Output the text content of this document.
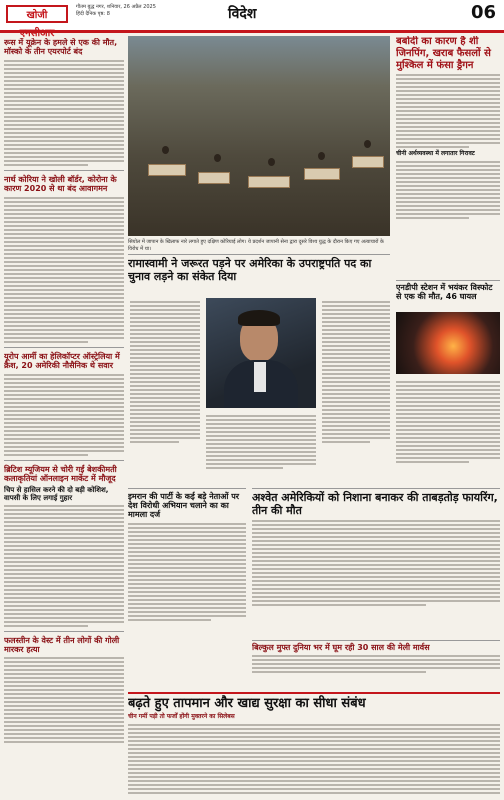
खोजी एनसीआर
गौतम बुद्ध नगर, शनिवार, 26 अप्रैल 2025
हिंदी दैनिक पृष्ठ: 8	विदेश	06
रूस में यूक्रेन के हमले से एक की मौत, मॉस्को के तीन एयरपोर्ट बंद
नार्थ कोरिया ने खोली बॉर्डर, कोरोना के कारण 2020 से था बंद आवागमन
यूरोप आर्मी का हेलिकॉप्टर ऑस्ट्रेलिया में क्रैश, 20 अमेरिकी नौसैनिक थे सवार
ब्रिटिश म्यूजियम से चोरी गईं बेशकीमती कलाकृतियां ऑनलाइन मार्केट में मौजूद
चिप से हासिल करने की दो बड़ी कोशिश, वापसी के लिए लगाई गुहार
फलस्तीन के वेस्ट में तीन लोगों की गोली मारकर हत्या
सियोल में जापान के खिलाफ नारे लगाते हुए दक्षिण कोरियाई लोग। ये प्रदर्शन जापानी सेना द्वारा दूसरे विश्व युद्ध के दौरान किए गए अत्याचारों के विरोध में था।
बर्बादी का कारण है शी जिनपिंग, खराब फैसलों से मुश्किल में फंसा ड्रैगन
चीनी अर्थव्यवस्था में लगातार गिरावट
रामास्वामी ने जरूरत पड़ने पर अमेरिका के उपराष्ट्रपति पद का चुनाव लड़ने का संकेत दिया
एनडीपी स्टेशन में भयंकर विस्फोट से एक की मौत, 46 घायल
इमरान की पार्टी के कई बड़े नेताओं पर देश विरोधी अभियान चलाने का का मामला दर्ज
अश्वेत अमेरिकियों को निशाना बनाकर की ताबड़तोड़ फायरिंग, तीन की मौत
बिल्कुल मुफ्त दुनिया भर में घूम रही 30 साल की मेली मार्वस
बढ़ते हुए तापमान और खाद्य सुरक्षा का सीधा संबंध
चीन गर्मी पड़ी तो फर्जों होंगी मुक्तरने का सिलेबस
